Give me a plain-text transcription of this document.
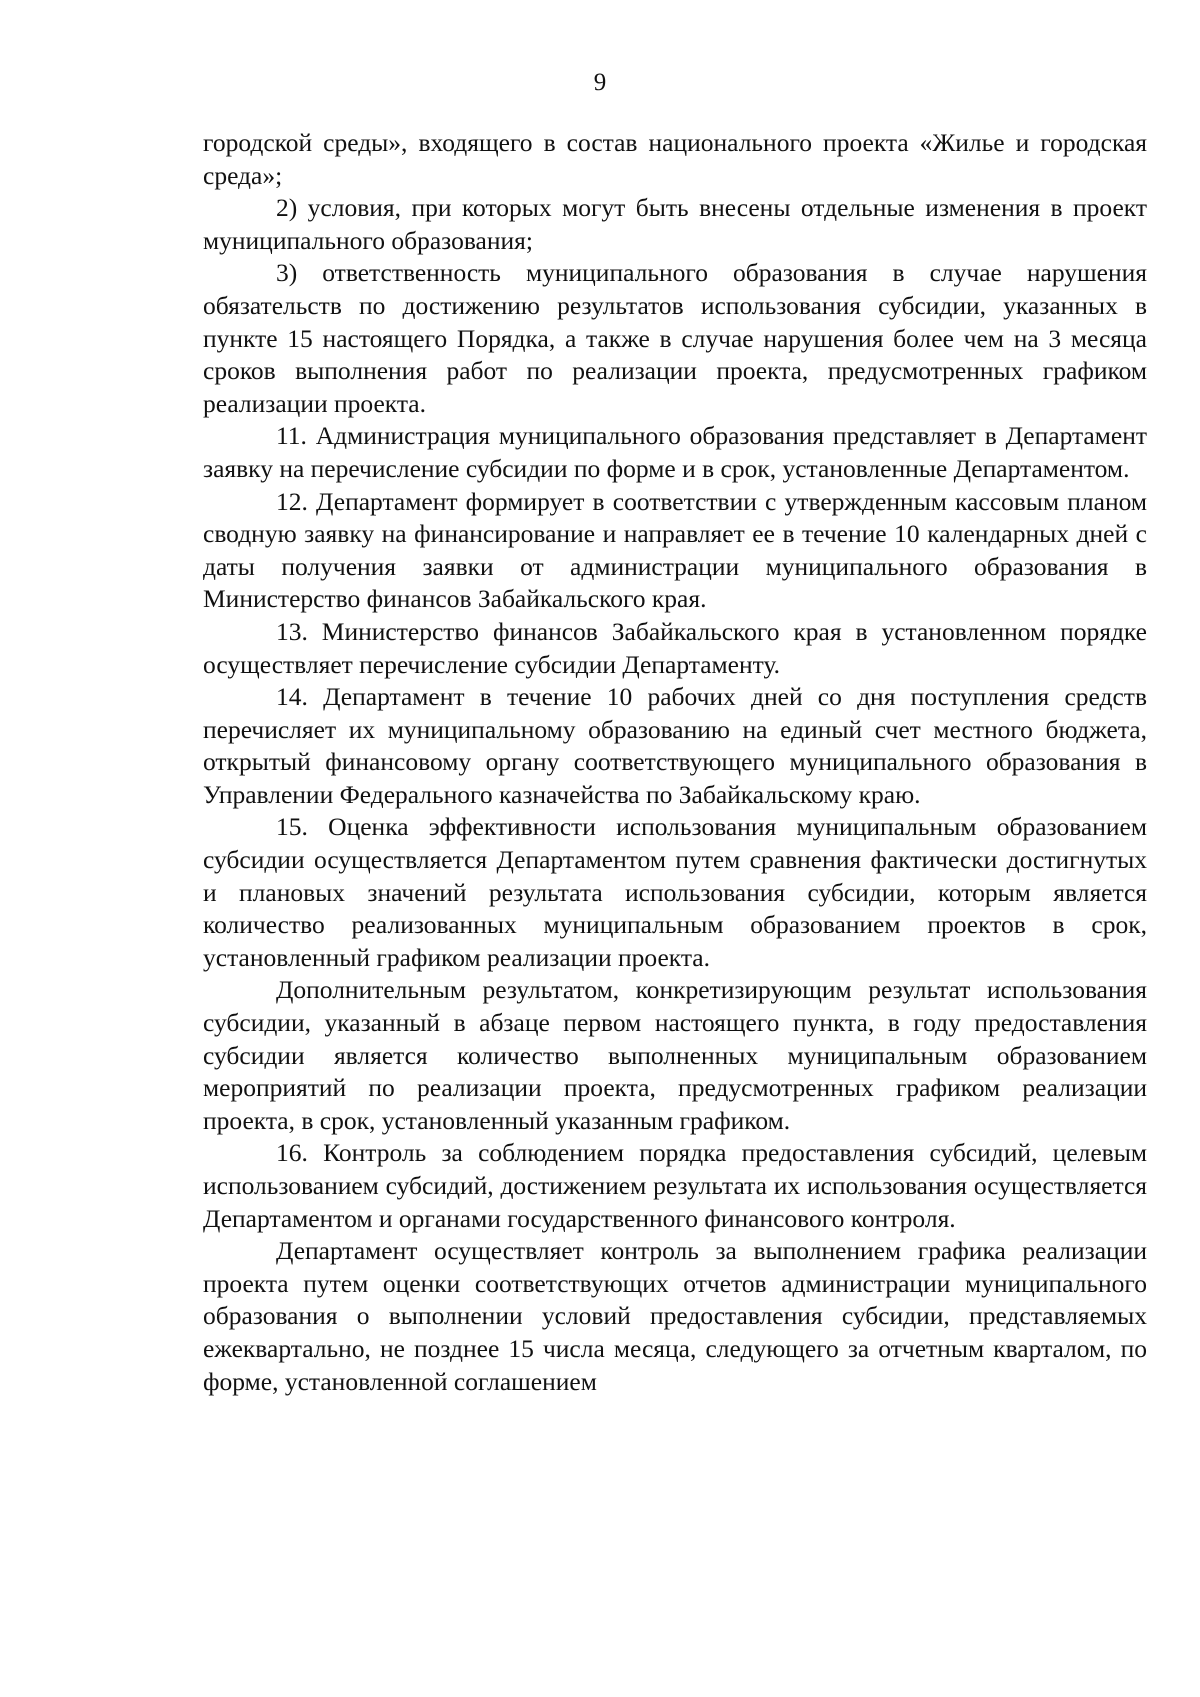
9

городской среды», входящего в состав национального проекта «Жилье и городская среда»;

2) условия, при которых могут быть внесены отдельные изменения в проект муниципального образования;

3) ответственность муниципального образования в случае нарушения обязательств по достижению результатов использования субсидии, указанных в пункте 15 настоящего Порядка, а также в случае нарушения более чем на 3 месяца сроков выполнения работ по реализации проекта, предусмотренных графиком реализации проекта.

11. Администрация муниципального образования представляет в Департамент заявку на перечисление субсидии по форме и в срок, установленные Департаментом.

12. Департамент формирует в соответствии с утвержденным кассовым планом сводную заявку на финансирование и направляет ее в течение 10 календарных дней с даты получения заявки от администрации муниципального образования в Министерство финансов Забайкальского края.

13. Министерство финансов Забайкальского края в установленном порядке осуществляет перечисление субсидии Департаменту.

14. Департамент в течение 10 рабочих дней со дня поступления средств перечисляет их муниципальному образованию на единый счет местного бюджета, открытый финансовому органу соответствующего муниципального образования в Управлении Федерального казначейства по Забайкальскому краю.

15. Оценка эффективности использования муниципальным образованием субсидии осуществляется Департаментом путем сравнения фактически достигнутых и плановых значений результата использования субсидии, которым является количество реализованных муниципальным образованием проектов в срок, установленный графиком реализации проекта.

Дополнительным результатом, конкретизирующим результат использования субсидии, указанный в абзаце первом настоящего пункта, в году предоставления субсидии является количество выполненных муниципальным образованием мероприятий по реализации проекта, предусмотренных графиком реализации проекта, в срок, установленный указанным графиком.

16. Контроль за соблюдением порядка предоставления субсидий, целевым использованием субсидий, достижением результата их использования осуществляется Департаментом и органами государственного финансового контроля.

Департамент осуществляет контроль за выполнением графика реализации проекта путем оценки соответствующих отчетов администрации муниципального образования о выполнении условий предоставления субсидии, представляемых ежеквартально, не позднее 15 числа месяца, следующего за отчетным кварталом, по форме, установленной соглашением
